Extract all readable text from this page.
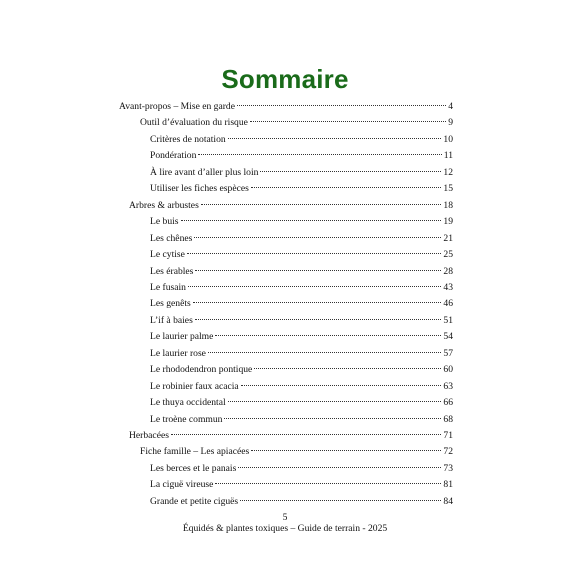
Sommaire
Avant-propos – Mise en garde	4
Outil d’évaluation du risque	9
Critères de notation	10
Pondération	11
À lire avant d’aller plus loin	12
Utiliser les fiches espèces	15
Arbres & arbustes	18
Le buis	19
Les chênes	21
Le cytise	25
Les érables	28
Le fusain	43
Les genêts	46
L’if à baies	51
Le laurier palme	54
Le laurier rose	57
Le rhododendron pontique	60
Le robinier faux acacia	63
Le thuya occidental	66
Le troène commun	68
Herbacées	71
Fiche famille – Les apiacées	72
Les berces et le panais	73
La ciguë vireuse	81
Grande et petite ciguës	84
5
Équidés & plantes toxiques – Guide de terrain - 2025
